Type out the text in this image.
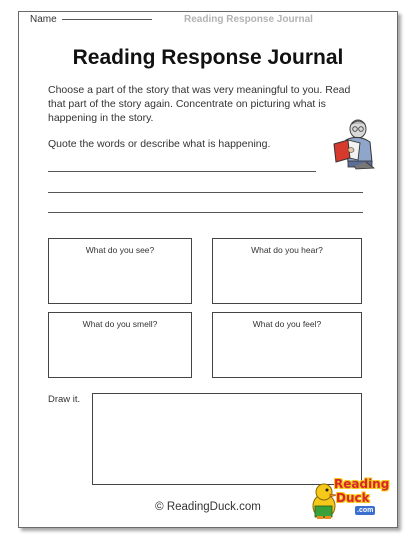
Name	Reading Response Journal
Reading Response Journal
Choose a part of the story that was very meaningful to you. Read that part of the story again. Concentrate on picturing what is happening in the story.
Quote the words or describe what is happening.
What do you see?	What do you hear?
What do you smell?	What do you feel?
Draw it.
© ReadingDuck.com
Reading
Duck
.com
